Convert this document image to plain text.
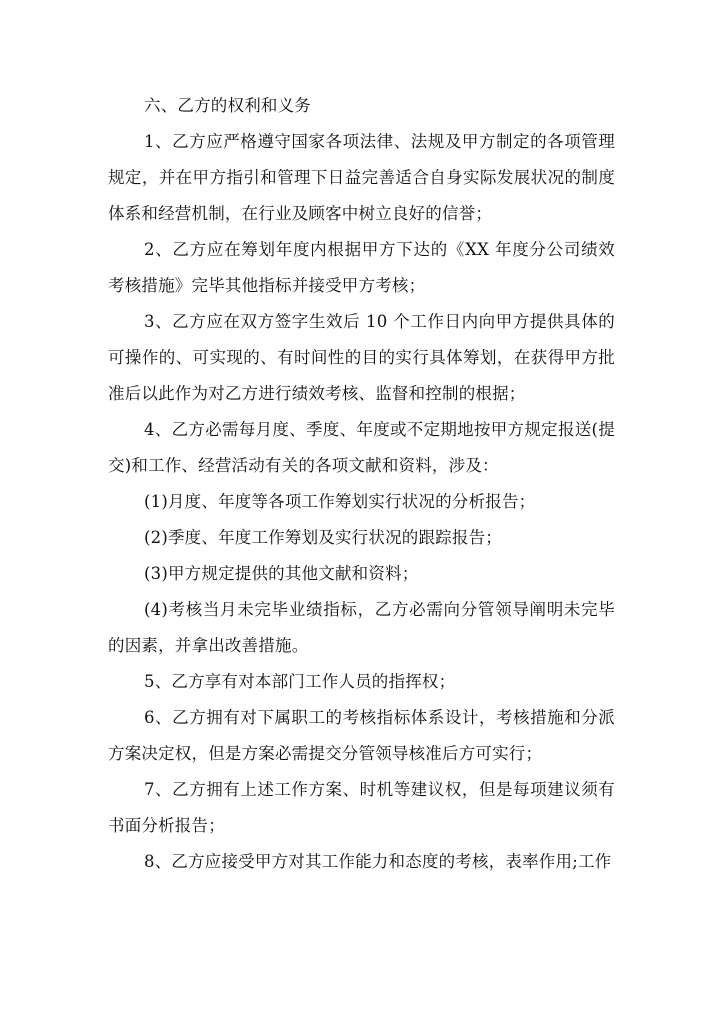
六、乙方的权利和义务

1、乙方应严格遵守国家各项法律、法规及甲方制定的各项管理规定，并在甲方指引和管理下日益完善适合自身实际发展状况的制度体系和经营机制，在行业及顾客中树立良好的信誉；

2、乙方应在筹划年度内根据甲方下达的《XX 年度分公司绩效考核措施》完毕其他指标并接受甲方考核；

3、乙方应在双方签字生效后 10 个工作日内向甲方提供具体的可操作的、可实现的、有时间性的目的实行具体筹划，在获得甲方批准后以此作为对乙方进行绩效考核、监督和控制的根据；

4、乙方必需每月度、季度、年度或不定期地按甲方规定报送(提交)和工作、经营活动有关的各项文献和资料，涉及：

(1)月度、年度等各项工作筹划实行状况的分析报告；

(2)季度、年度工作筹划及实行状况的跟踪报告；

(3)甲方规定提供的其他文献和资料；

(4)考核当月未完毕业绩指标，乙方必需向分管领导阐明未完毕的因素，并拿出改善措施。

5、乙方享有对本部门工作人员的指挥权；

6、乙方拥有对下属职工的考核指标体系设计，考核措施和分派方案决定权，但是方案必需提交分管领导核准后方可实行；

7、乙方拥有上述工作方案、时机等建议权，但是每项建议须有书面分析报告；

8、乙方应接受甲方对其工作能力和态度的考核，表率作用;工作
